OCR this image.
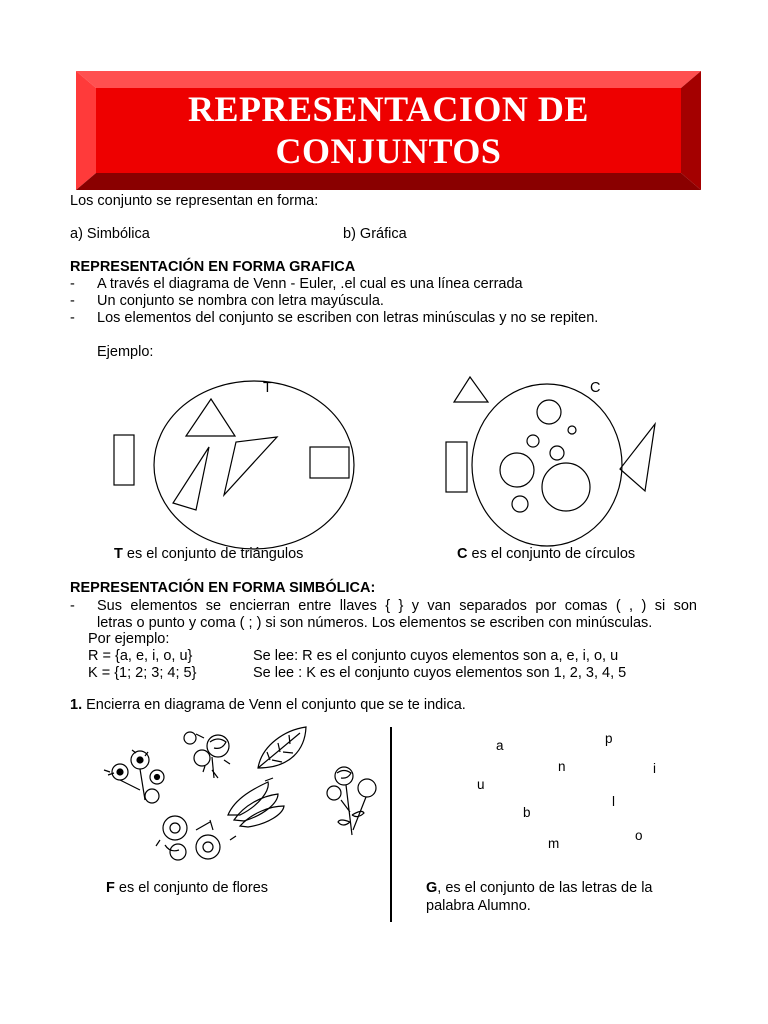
REPRESENTACION DE
CONJUNTOS
Los conjunto se representan en forma:
a) Simbólica	b) Gráfica
REPRESENTACIÓN EN FORMA GRAFICA
- A través el diagrama de Venn - Euler, .el cual es una línea cerrada
- Un conjunto se nombra con letra mayúscula.
- Los elementos del conjunto se escriben con letras minúsculas y no se repiten.
Ejemplo:
T	C
T es el conjunto de triángulos	C es el conjunto de círculos
REPRESENTACIÓN EN FORMA SIMBÓLICA:
- Sus elementos se encierran entre llaves { } y van separados por comas ( , ) si son
letras o punto y coma ( ; ) si son números. Los elementos se escriben con minúsculas.
Por ejemplo:
R = {a, e, i, o, u}	Se lee: R es el conjunto cuyos elementos son a, e, i, o, u
K = {1; 2; 3; 4; 5}	Se lee : K es el conjunto cuyos elementos son 1, 2, 3, 4, 5
1. Encierra en diagrama de Venn el conjunto que se te indica.
a	p
n	i
u
l
b
o
m
F es el conjunto de flores	G, es el conjunto de las letras de la
palabra Alumno.
